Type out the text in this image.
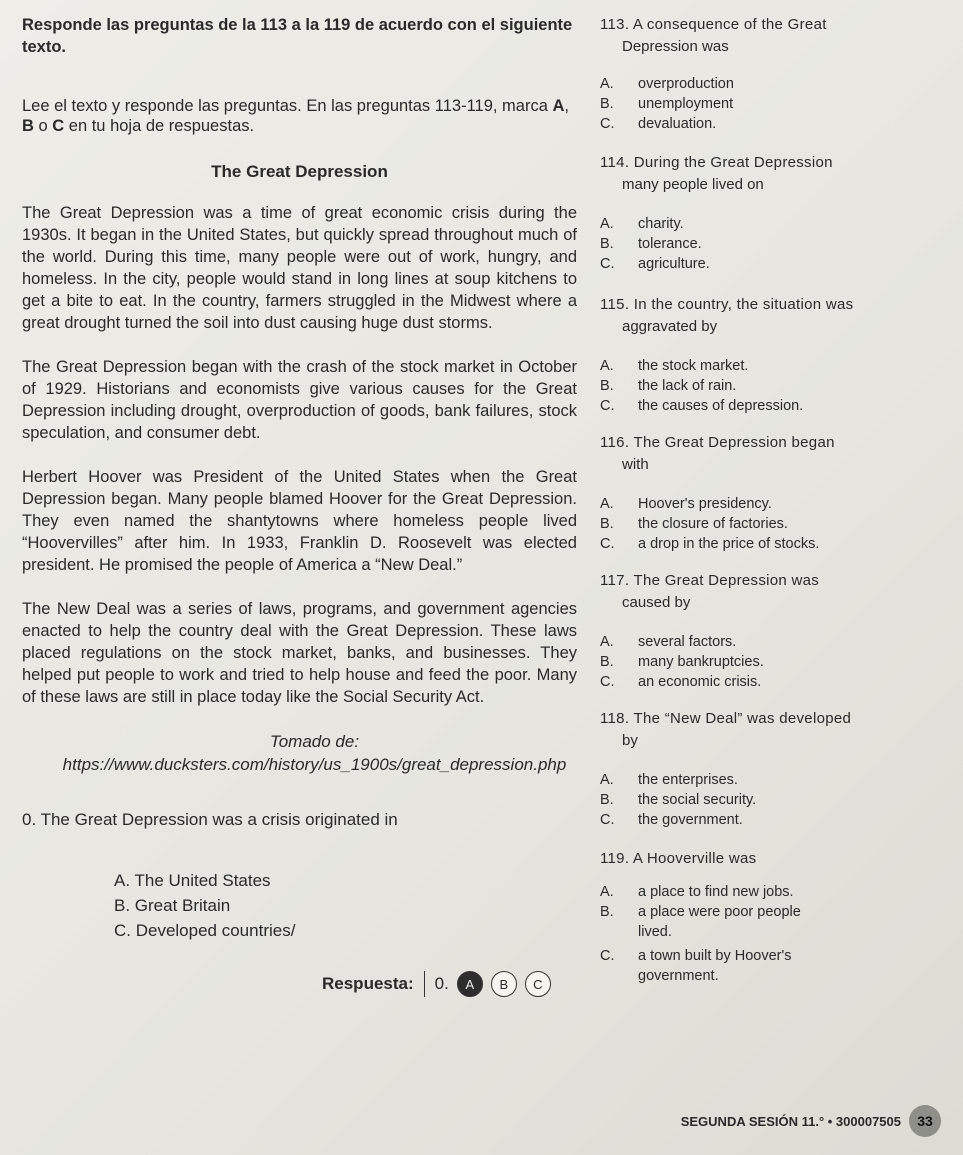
Responde las preguntas de la 113 a la 119 de acuerdo con el siguiente texto.

Lee el texto y responde las preguntas. En las preguntas 113-119, marca A, B o C en tu hoja de respuestas.

The Great Depression

The Great Depression was a time of great economic crisis during the 1930s. It began in the United States, but quickly spread throughout much of the world. During this time, many people were out of work, hungry, and homeless. In the city, people would stand in long lines at soup kitchens to get a bite to eat. In the country, farmers struggled in the Midwest where a great drought turned the soil into dust causing huge dust storms.

The Great Depression began with the crash of the stock market in October of 1929. Historians and economists give various causes for the Great Depression including drought, overproduction of goods, bank failures, stock speculation, and consumer debt.

Herbert Hoover was President of the United States when the Great Depression began. Many people blamed Hoover for the Great Depression. They even named the shantytowns where homeless people lived “Hoovervilles” after him. In 1933, Franklin D. Roosevelt was elected president. He promised the people of America a “New Deal.”

The New Deal was a series of laws, programs, and government agencies enacted to help the country deal with the Great Depression. These laws placed regulations on the stock market, banks, and businesses. They helped put people to work and tried to help house and feed the poor. Many of these laws are still in place today like the Social Security Act.

Tomado de: https://www.ducksters.com/history/us_1900s/great_depression.php

0. The Great Depression was a crisis originated in
A. The United States
B. Great Britain
C. Developed countries/
Respuesta: 0.	A	B	C
113. A consequence of the Great
Depression was
A.	overproduction
B.	unemployment
C.	devaluation.
114. During the Great Depression
many people lived on
A.	charity.
B.	tolerance.
C.	agriculture.
115. In the country, the situation was
aggravated by
A.	the stock market.
B.	the lack of rain.
C.	the causes of depression.
116. The Great Depression began
with
A.	Hoover's presidency.
B.	the closure of factories.
C.	a drop in the price of stocks.
117. The Great Depression was
caused by
A.	several factors.
B.	many bankruptcies.
C.	an economic crisis.
118. The “New Deal” was developed
by
A.	the enterprises.
B.	the social security.
C.	the government.
119. A Hooverville was
A.	a place to find new jobs.
B.	a place were poor people lived.
C.	a town built by Hoover's government.
SEGUNDA SESIÓN 11.° • 300007505	33
